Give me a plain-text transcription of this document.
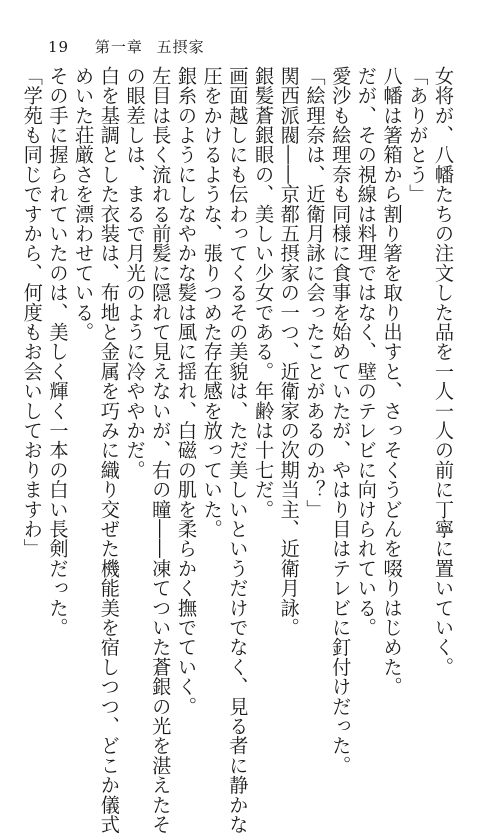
19 第一章 五摂家
女将が、八幡たちの注文した品を一人一人の前に丁寧に置いていく。
「ありがとう」
八幡は箸箱から割り箸を取り出すと、さっそくうどんを啜りはじめた。
だが、その視線は料理ではなく、壁のテレビに向けられている。
愛沙も絵理奈も同様に食事を始めていたが、やはり目はテレビに釘付けだった。
「絵理奈は、近衛月詠に会ったことがあるのか？」
関西派閥――京都五摂家の一つ、近衛家の次期当主、近衛月詠。
銀髪蒼銀眼の、美しい少女である。年齢は十七だ。
画面越しにも伝わってくるその美貌は、ただ美しいというだけでなく、見る者に静かな
圧をかけるような、張りつめた存在感を放っていた。
銀糸のようにしなやかな髪は風に揺れ、白磁の肌を柔らかく撫でていく。
左目は長く流れる前髪に隠れて見えないが、右の瞳――凍てついた蒼銀の光を湛えたそ
の眼差しは、まるで月光のように冷ややかだ。
白を基調とした衣装は、布地と金属を巧みに織り交ぜた機能美を宿しつつ、どこか儀式
めいた荘厳さを漂わせている。
その手に握られていたのは、美しく輝く一本の白い長剣だった。
「学苑も同じですから、何度もお会いしておりますわ」
